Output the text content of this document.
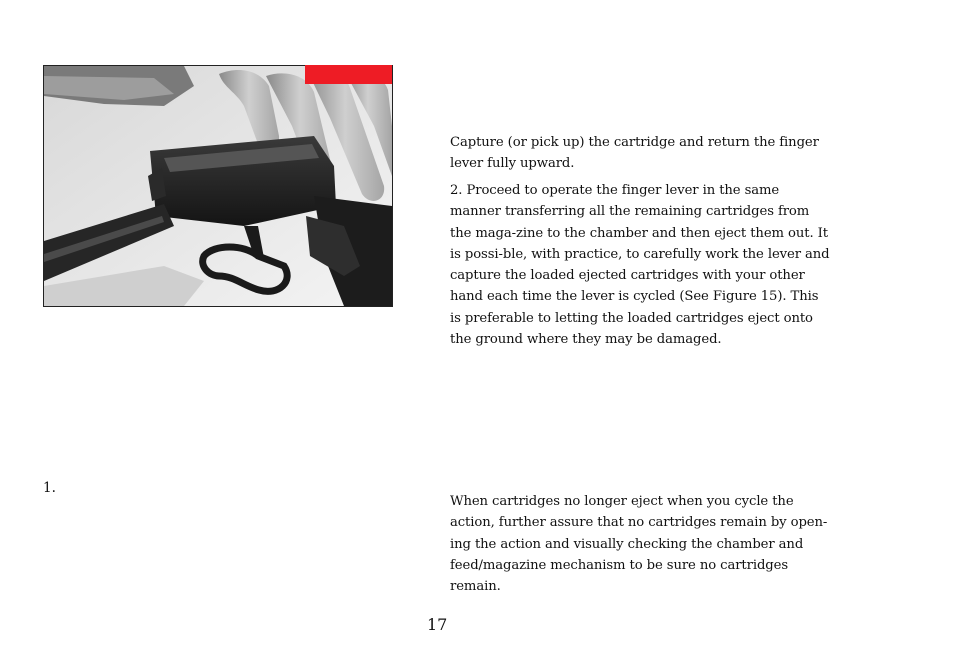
Capture (or pick up) the cartridge and return the finger lever fully upward.

2. Proceed to operate the finger lever in the same manner transferring all the remaining cartridges from the maga-zine to the chamber and then eject them out. It is possi-ble, with practice, to carefully work the lever and capture the loaded ejected cartridges with your other hand each time the lever is cycled (See Figure 15). This is preferable to letting the loaded cartridges eject onto the ground where they may be damaged.

1.

When cartridges no longer eject when you cycle the action, further assure that no cartridges remain by open-ing the action and visually checking the chamber and feed/magazine mechanism to be sure no cartridges remain.

17
